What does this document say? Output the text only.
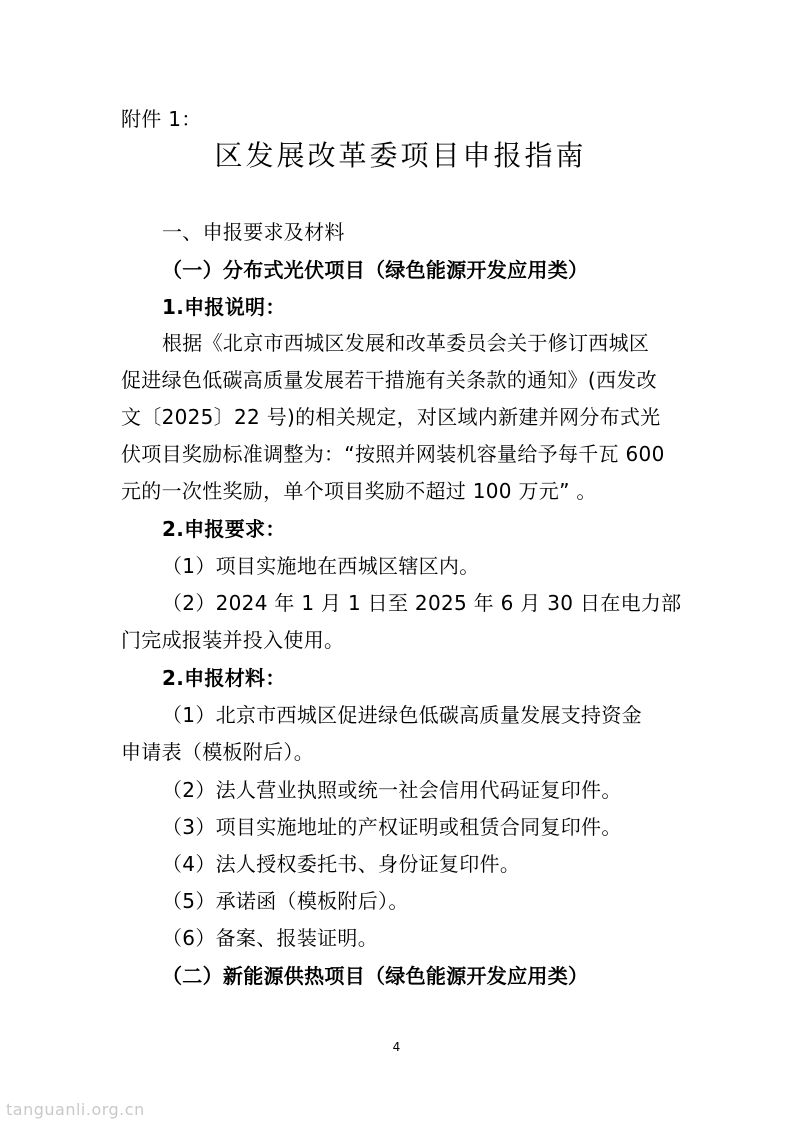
附件 1：
区发展改革委项目申报指南
一、申报要求及材料
（一）分布式光伏项目（绿色能源开发应用类）
1.申报说明：
根据《北京市西城区发展和改革委员会关于修订西城区
促进绿色低碳高质量发展若干措施有关条款的通知》(西发改
文〔2025〕22 号)的相关规定，对区域内新建并网分布式光
伏项目奖励标准调整为：“按照并网装机容量给予每千瓦 600
元的一次性奖励，单个项目奖励不超过 100 万元” 。
2.申报要求：
（1）项目实施地在西城区辖区内。
（2）2024 年 1 月 1 日至 2025 年 6 月 30 日在电力部
门完成报装并投入使用。
2.申报材料：
（1）北京市西城区促进绿色低碳高质量发展支持资金
申请表（模板附后）。
（2）法人营业执照或统一社会信用代码证复印件。
（3）项目实施地址的产权证明或租赁合同复印件。
（4）法人授权委托书、身份证复印件。
（5）承诺函（模板附后）。
（6）备案、报装证明。
（二）新能源供热项目（绿色能源开发应用类）
4
tanguanli.org.cn
